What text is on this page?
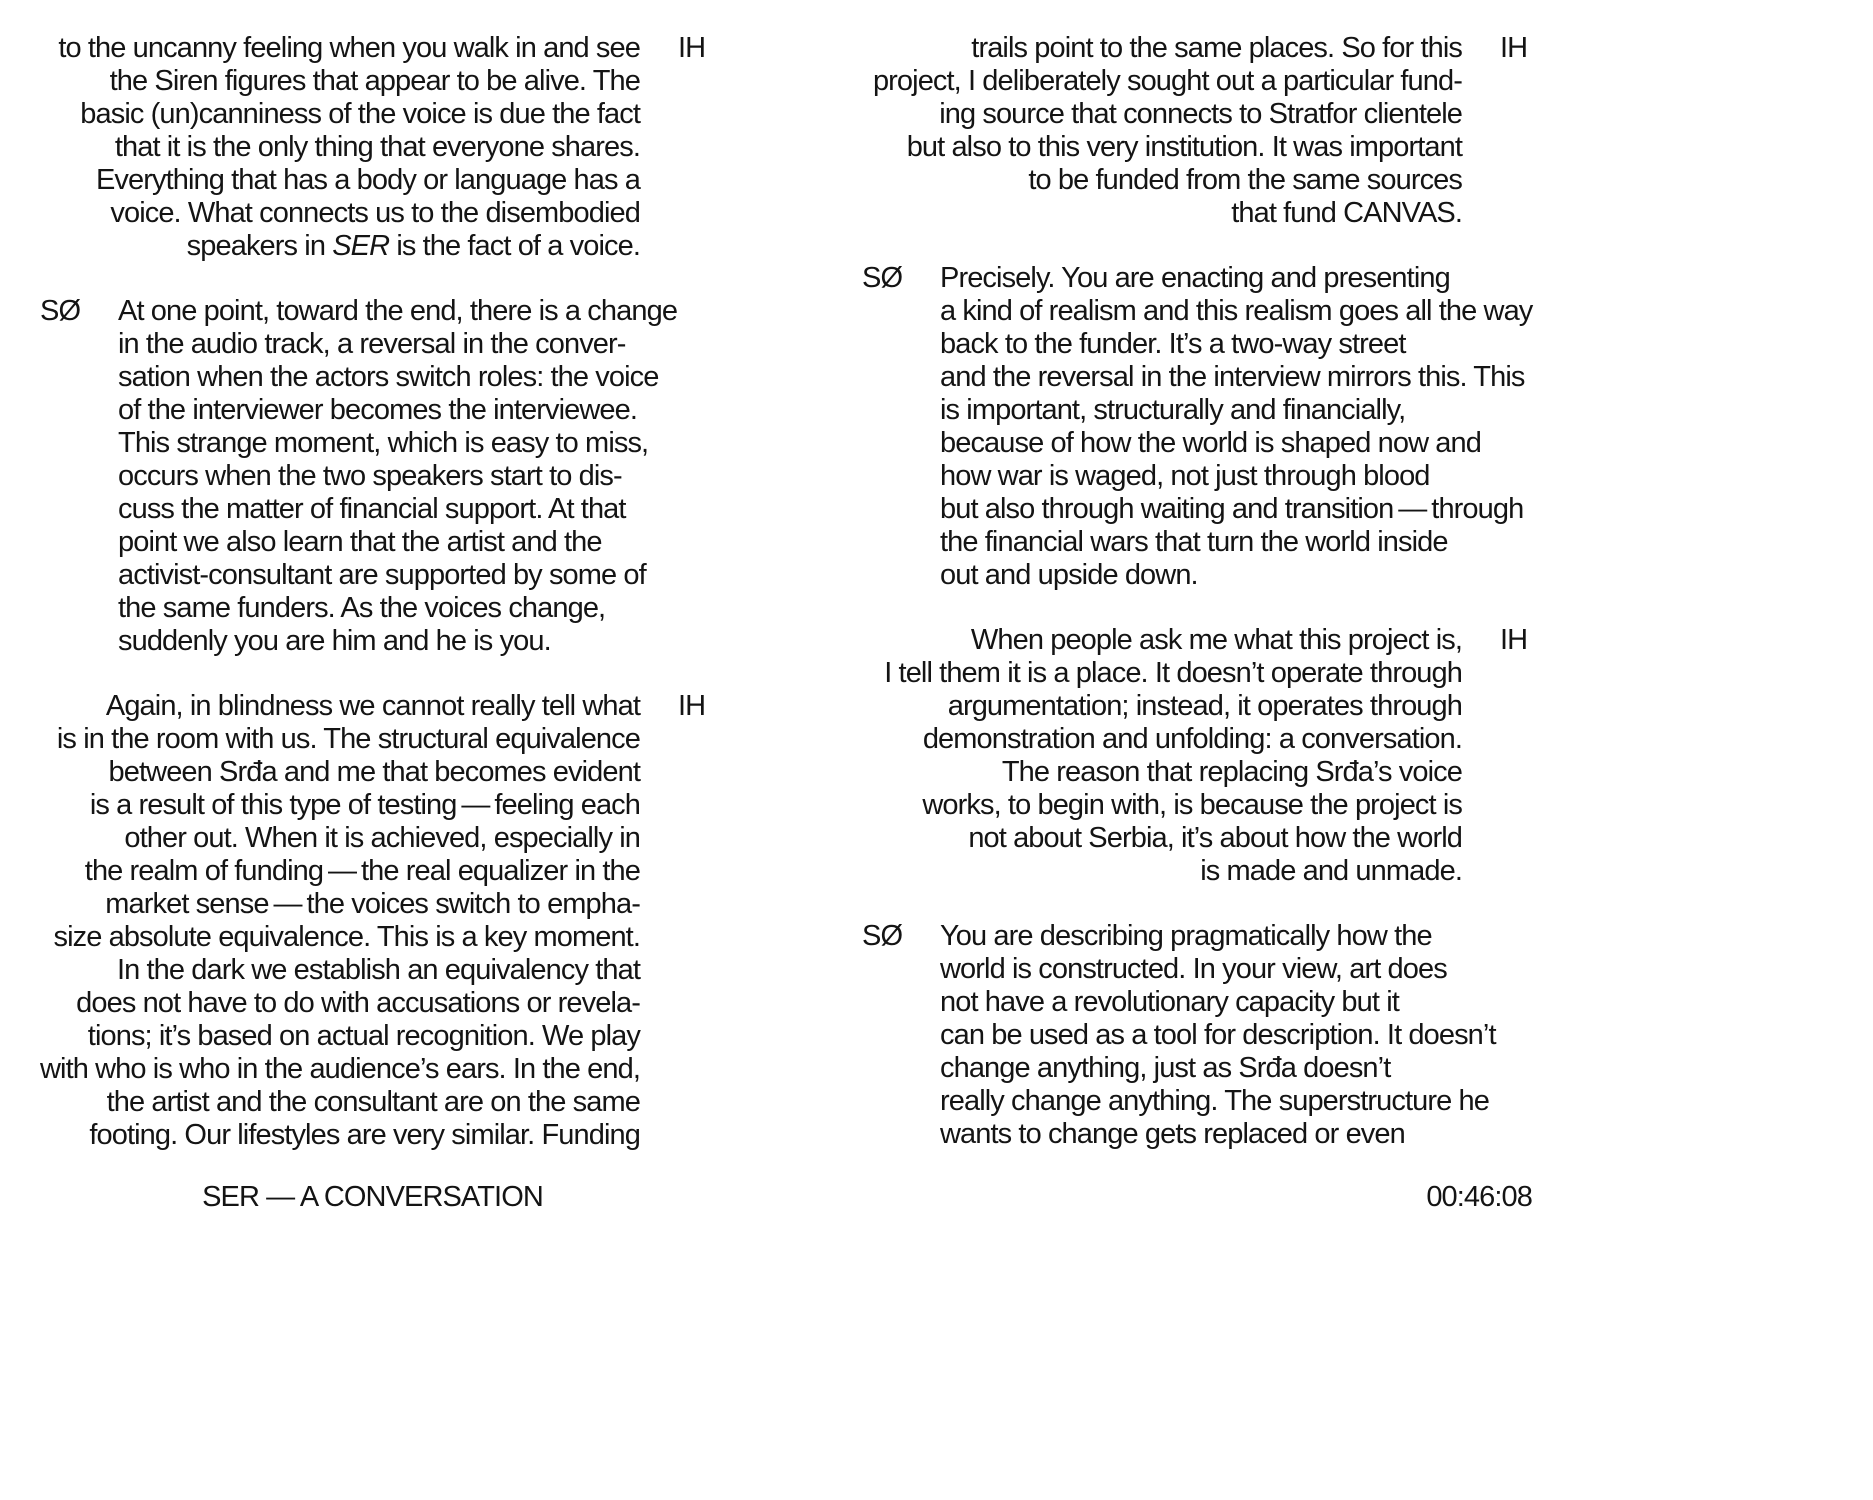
IH
to the uncanny feeling when you walk in and see
the Siren figures that appear to be alive. The
basic (un)canniness of the voice is due the fact
that it is the only thing that everyone shares.
Everything that has a body or language has a
voice. What connects us to the disembodied
speakers in SER is the fact of a voice.
SØ At one point, toward the end, there is a change
in the audio track, a reversal in the conver-
sation when the actors switch roles: the voice
of the interviewer becomes the interviewee.
This strange moment, which is easy to miss,
occurs when the two speakers start to dis-
cuss the matter of financial support. At that
point we also learn that the artist and the
activist-consultant are supported by some of
the same funders. As the voices change,
suddenly you are him and he is you.
IH
Again, in blindness we cannot really tell what
is in the room with us. The structural equivalence
between Srđa and me that becomes evident
is a result of this type of testing — feeling each
other out. When it is achieved, especially in
the realm of funding — the real equalizer in the
market sense — the voices switch to empha-
size absolute equivalence. This is a key moment.
In the dark we establish an equivalency that
does not have to do with accusations or revela-
tions; it’s based on actual recognition. We play
with who is who in the audience’s ears. In the end,
the artist and the consultant are on the same
footing. Our lifestyles are very similar. Funding
IH
trails point to the same places. So for this
project, I deliberately sought out a particular fund-
ing source that connects to Stratfor clientele
but also to this very institution. It was important
to be funded from the same sources
that fund CANVAS.
SØ Precisely. You are enacting and presenting
a kind of realism and this realism goes all the way
back to the funder. It’s a two-way street
and the reversal in the interview mirrors this. This
is important, structurally and financially,
because of how the world is shaped now and
how war is waged, not just through blood
but also through waiting and transition — through
the financial wars that turn the world inside
out and upside down.
IH
When people ask me what this project is,
I tell them it is a place. It doesn’t operate through
argumentation; instead, it operates through
demonstration and unfolding: a conversation.
The reason that replacing Srđa’s voice
works, to begin with, is because the project is
not about Serbia, it’s about how the world
is made and unmade.
SØ You are describing pragmatically how the
world is constructed. In your view, art does
not have a revolutionary capacity but it
can be used as a tool for description. It doesn’t
change anything, just as Srđa doesn’t
really change anything. The superstructure he
wants to change gets replaced or even
SER — A CONVERSATION	00:46:08
